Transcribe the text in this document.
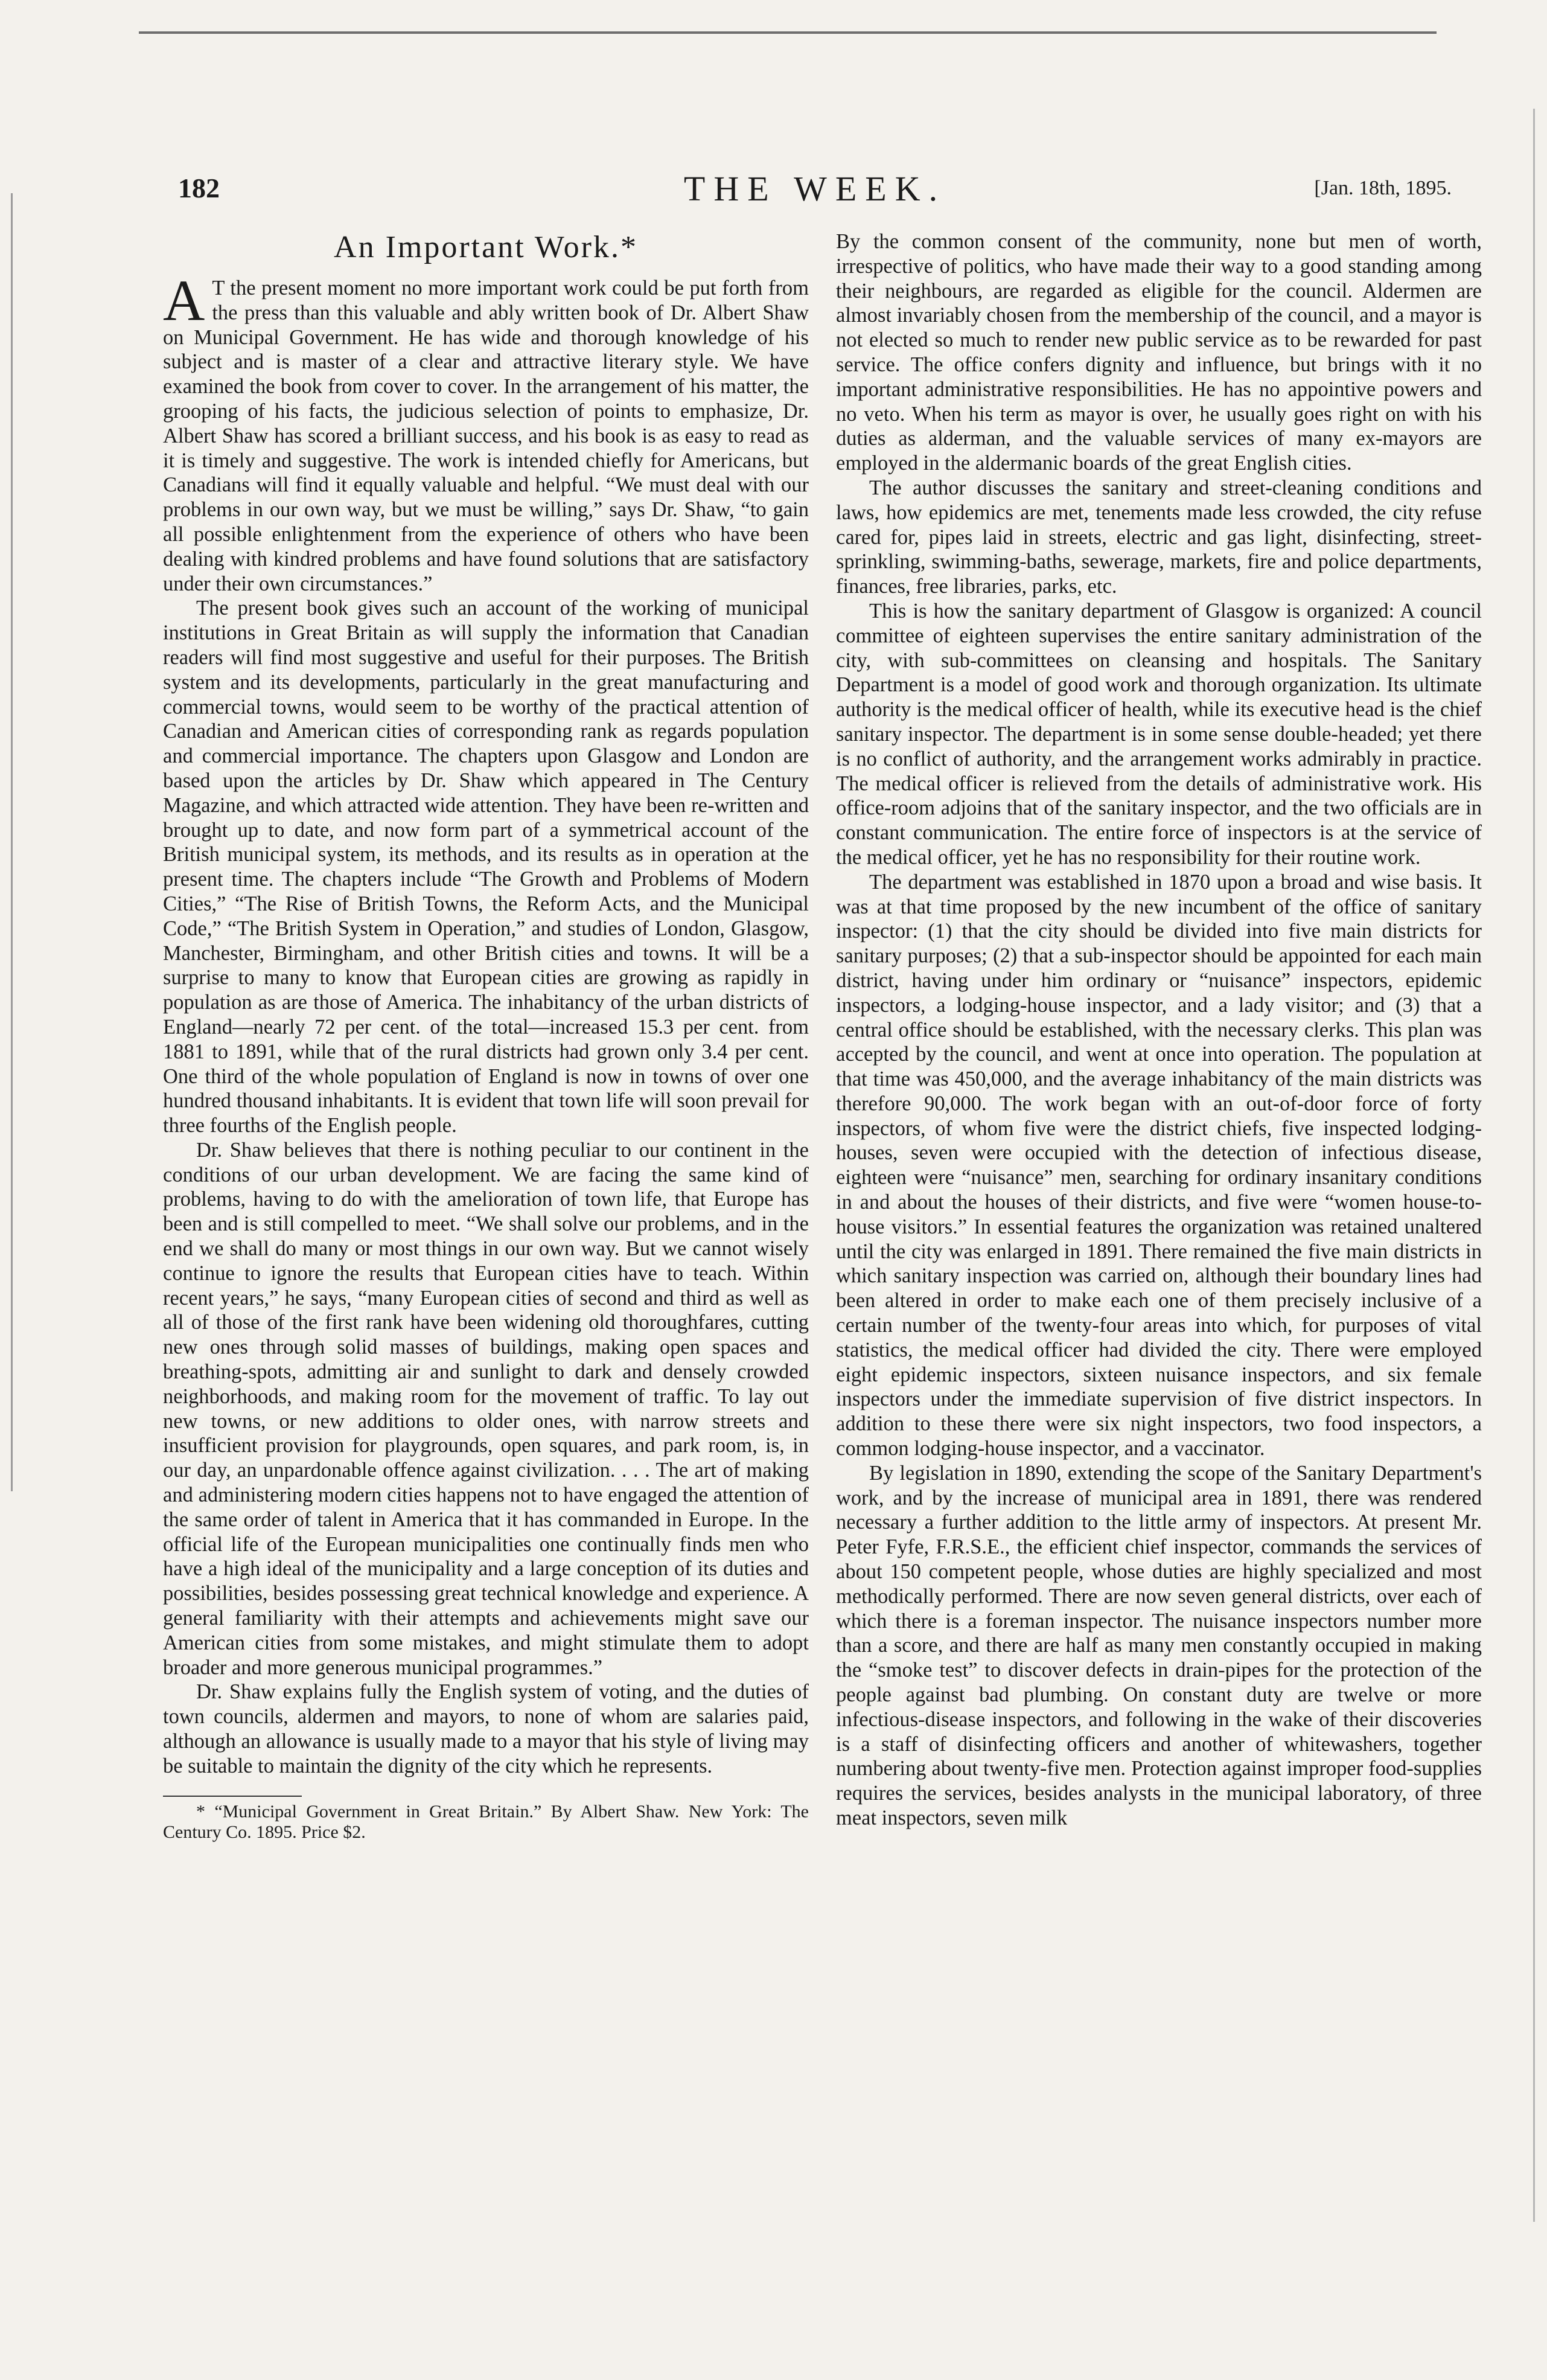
182	THE WEEK.	[Jan. 18th, 1895.
An Important Work.*

A T the present moment no more important work could be put forth from the press than this valuable and ably written book of Dr. Albert Shaw on Municipal Government. He has wide and thorough knowledge of his subject and is master of a clear and attractive literary style. We have examined the book from cover to cover. In the arrangement of his matter, the grooping of his facts, the judicious selection of points to emphasize, Dr. Albert Shaw has scored a brilliant success, and his book is as easy to read as it is timely and suggestive. The work is intended chiefly for Americans, but Canadians will find it equally valuable and helpful. “We must deal with our problems in our own way, but we must be willing,” says Dr. Shaw, “to gain all possible enlightenment from the experience of others who have been dealing with kindred problems and have found solutions that are satisfactory under their own circumstances.”

The present book gives such an account of the working of municipal institutions in Great Britain as will supply the information that Canadian readers will find most suggestive and useful for their purposes. The British system and its developments, particularly in the great manufacturing and commercial towns, would seem to be worthy of the practical attention of Canadian and American cities of corresponding rank as regards population and commercial importance. The chapters upon Glasgow and London are based upon the articles by Dr. Shaw which appeared in The Century Magazine, and which attracted wide attention. They have been re-written and brought up to date, and now form part of a symmetrical account of the British municipal system, its methods, and its results as in operation at the present time. The chapters include “The Growth and Problems of Modern Cities,” “The Rise of British Towns, the Reform Acts, and the Municipal Code,” “The British System in Operation,” and studies of London, Glasgow, Manchester, Birmingham, and other British cities and towns. It will be a surprise to many to know that European cities are growing as rapidly in population as are those of America. The inhabitancy of the urban districts of England—nearly 72 per cent. of the total—increased 15.3 per cent. from 1881 to 1891, while that of the rural districts had grown only 3.4 per cent. One third of the whole population of England is now in towns of over one hundred thousand inhabitants. It is evident that town life will soon prevail for three fourths of the English people.

Dr. Shaw believes that there is nothing peculiar to our continent in the conditions of our urban development. We are facing the same kind of problems, having to do with the amelioration of town life, that Europe has been and is still compelled to meet. “We shall solve our problems, and in the end we shall do many or most things in our own way. But we cannot wisely continue to ignore the results that European cities have to teach. Within recent years,” he says, “many European cities of second and third as well as all of those of the first rank have been widening old thoroughfares, cutting new ones through solid masses of buildings, making open spaces and breathing-spots, admitting air and sunlight to dark and densely crowded neighborhoods, and making room for the movement of traffic. To lay out new towns, or new additions to older ones, with narrow streets and insufficient provision for playgrounds, open squares, and park room, is, in our day, an unpardonable offence against civilization. . . . The art of making and administering modern cities happens not to have engaged the attention of the same order of talent in America that it has commanded in Europe. In the official life of the European municipalities one continually finds men who have a high ideal of the municipality and a large conception of its duties and possibilities, besides possessing great technical knowledge and experience. A general familiarity with their attempts and achievements might save our American cities from some mistakes, and might stimulate them to adopt broader and more generous municipal programmes.”

Dr. Shaw explains fully the English system of voting, and the duties of town councils, aldermen and mayors, to none of whom are salaries paid, although an allowance is usually made to a mayor that his style of living may be suitable to maintain the dignity of the city which he represents.

* “Municipal Government in Great Britain.” By Albert Shaw. New York: The Century Co. 1895. Price $2.

By the common consent of the community, none but men of worth, irrespective of politics, who have made their way to a good standing among their neighbours, are regarded as eligible for the council. Aldermen are almost invariably chosen from the membership of the council, and a mayor is not elected so much to render new public service as to be rewarded for past service. The office confers dignity and influence, but brings with it no important administrative responsibilities. He has no appointive powers and no veto. When his term as mayor is over, he usually goes right on with his duties as alderman, and the valuable services of many ex-mayors are employed in the aldermanic boards of the great English cities.

The author discusses the sanitary and street-cleaning conditions and laws, how epidemics are met, tenements made less crowded, the city refuse cared for, pipes laid in streets, electric and gas light, disinfecting, street-sprinkling, swimming-baths, sewerage, markets, fire and police departments, finances, free libraries, parks, etc.

This is how the sanitary department of Glasgow is organized: A council committee of eighteen supervises the entire sanitary administration of the city, with sub-committees on cleansing and hospitals. The Sanitary Department is a model of good work and thorough organization. Its ultimate authority is the medical officer of health, while its executive head is the chief sanitary inspector. The department is in some sense double-headed; yet there is no conflict of authority, and the arrangement works admirably in practice. The medical officer is relieved from the details of administrative work. His office-room adjoins that of the sanitary inspector, and the two officials are in constant communication. The entire force of inspectors is at the service of the medical officer, yet he has no responsibility for their routine work.

The department was established in 1870 upon a broad and wise basis. It was at that time proposed by the new incumbent of the office of sanitary inspector: (1) that the city should be divided into five main districts for sanitary purposes; (2) that a sub-inspector should be appointed for each main district, having under him ordinary or “nuisance” inspectors, epidemic inspectors, a lodging-house inspector, and a lady visitor; and (3) that a central office should be established, with the necessary clerks. This plan was accepted by the council, and went at once into operation. The population at that time was 450,000, and the average inhabitancy of the main districts was therefore 90,000. The work began with an out-of-door force of forty inspectors, of whom five were the district chiefs, five inspected lodging-houses, seven were occupied with the detection of infectious disease, eighteen were “nuisance” men, searching for ordinary insanitary conditions in and about the houses of their districts, and five were “women house-to-house visitors.” In essential features the organization was retained unaltered until the city was enlarged in 1891. There remained the five main districts in which sanitary inspection was carried on, although their boundary lines had been altered in order to make each one of them precisely inclusive of a certain number of the twenty-four areas into which, for purposes of vital statistics, the medical officer had divided the city. There were employed eight epidemic inspectors, sixteen nuisance inspectors, and six female inspectors under the immediate supervision of five district inspectors. In addition to these there were six night inspectors, two food inspectors, a common lodging-house inspector, and a vaccinator.

By legislation in 1890, extending the scope of the Sanitary Department's work, and by the increase of municipal area in 1891, there was rendered necessary a further addition to the little army of inspectors. At present Mr. Peter Fyfe, F.R.S.E., the efficient chief inspector, commands the services of about 150 competent people, whose duties are highly specialized and most methodically performed. There are now seven general districts, over each of which there is a foreman inspector. The nuisance inspectors number more than a score, and there are half as many men constantly occupied in making the “smoke test” to discover defects in drain-pipes for the protection of the people against bad plumbing. On constant duty are twelve or more infectious-disease inspectors, and following in the wake of their discoveries is a staff of disinfecting officers and another of whitewashers, together numbering about twenty-five men. Protection against improper food-supplies requires the services, besides analysts in the municipal laboratory, of three meat inspectors, seven milk
